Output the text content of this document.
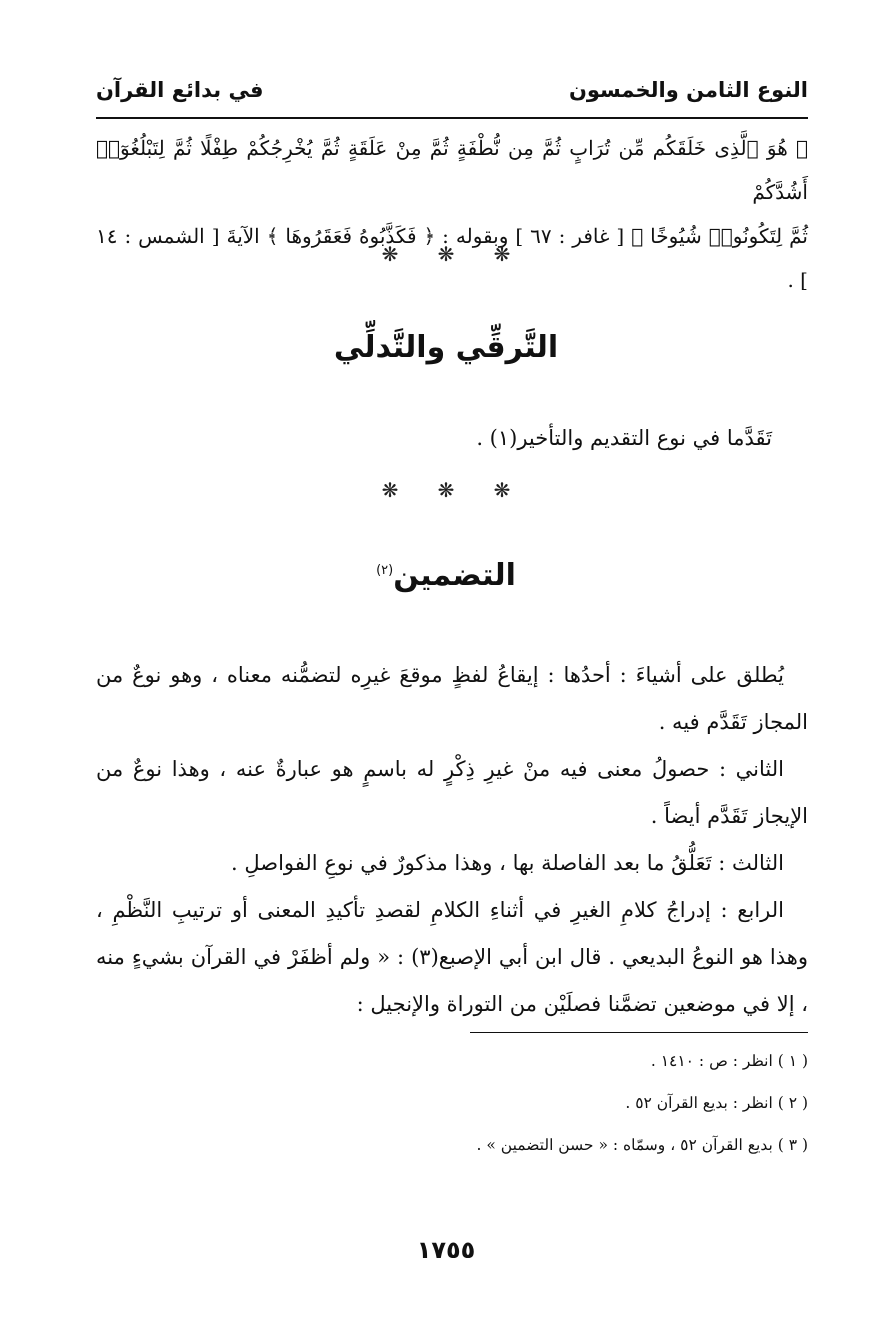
النوع الثامن والخمسون
في بدائع القرآن
﴿ هُوَ ٱلَّذِى خَلَقَكُم مِّن تُرَابٍ ثُمَّ مِن نُّطْفَةٍ ثُمَّ مِنْ عَلَقَةٍ ثُمَّ يُخْرِجُكُمْ طِفْلًا ثُمَّ لِتَبْلُغُوٓا۟ أَشُدَّكُمْ
ثُمَّ لِتَكُونُوا۟ شُيُوخًا ﴾ [ غافر : ٦٧ ] وبقوله : ﴿ فَكَذَّبُوهُ فَعَقَرُوهَا ﴾ الآيةَ [ الشمس : ١٤ ] .
❋
❋
❋
التَّرقِّي والتَّدلِّي
تَقَدَّما في نوع التقديم والتأخير(١) .
❋
❋
❋
التضمين$^{(٢)}$
يُطلق على أشياءَ : أحدُها : إيقاعُ لفظٍ موقعَ غيرِه لتضمُّنه معناه ، وهو نوعٌ من المجاز تَقَدَّم فيه .
الثاني : حصولُ معنى فيه منْ غيرِ ذِكْرٍ له باسمٍ هو عبارةٌ عنه ، وهذا نوعٌ من الإيجاز تَقَدَّم أيضاً .
الثالث : تَعَلُّقُ ما بعد الفاصلة بها ، وهذا مذكورٌ في نوعِ الفواصلِ .
الرابع : إدراجُ كلامِ الغيرِ في أثناءِ الكلامِ لقصدِ تأكيدِ المعنى أو ترتيبِ النَّظْمِ ، وهذا هو النوعُ البديعي . قال ابن أبي الإصبع(٣) : « ولم أظفَرْ في القرآن بشيءٍ منه ، إلا في موضعين تضمَّنا فصلَيْن من التوراة والإنجيل :
( ١ ) انظر : ص : ١٤١٠ .
( ٢ ) انظر : بديع القرآن ٥٢ .
( ٣ ) بديع القرآن ٥٢ ، وسمّاه : « حسن التضمين » .
١٧٥٥
